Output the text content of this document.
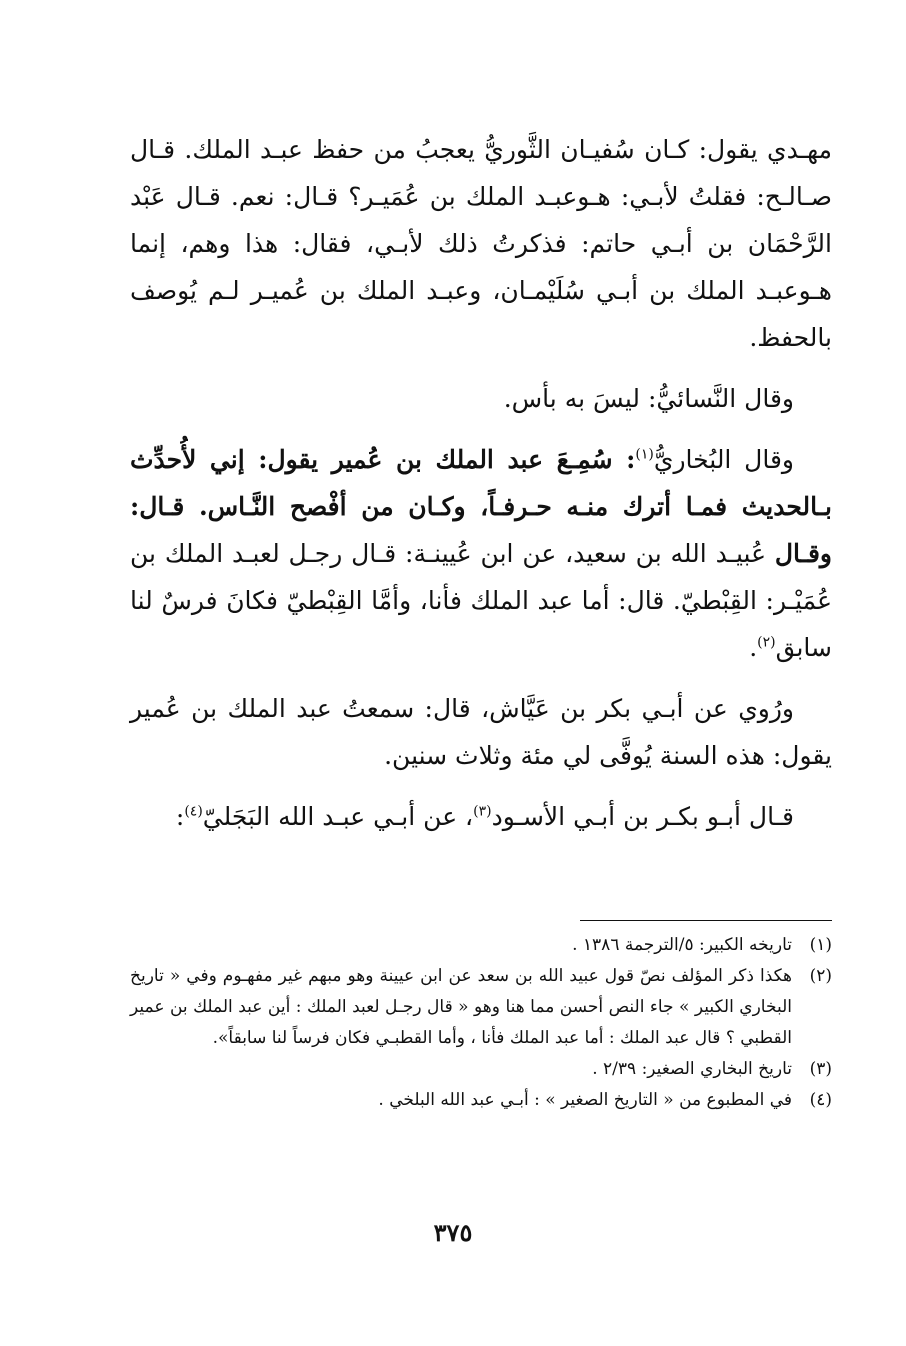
مهـدي يقول: كـان سُفيـان الثَّوريُّ يعجبُ من حفظ عبـد الملك. قـال صـالـح: فقلتُ لأبـي: هـوعبـد الملك بن عُمَيـر؟ قـال: نعم. قـال عَبْد الرَّحْمَان بن أبـي حاتم: فذكرتُ ذلك لأبـي، فقال: هذا وهم، إنما هـوعبـد الملك بن أبـي سُلَيْمـان، وعبـد الملك بن عُميـر لـم يُوصف بالحفظ.

وقال النَّسائيُّ: ليسَ به بأس.

وقال البُخاريُّ$^{(١)}$: سُمِـعَ عبد الملك بن عُمير يقول: إني لأُحدِّث بـالحديث فمـا أترك منـه حـرفـاً، وكـان من أفْصح النَّـاس. قـال: وقـال عُبيـد الله بن سعيد، عن ابن عُيينـة: قـال رجـل لعبـد الملك بن عُمَيْـر: القِبْطيّ. قال: أما عبد الملك فأنا، وأمَّا القِبْطيّ فكانَ فرسٌ لنا سابق$^{(٢)}$.

ورُوي عن أبـي بكر بن عَيَّاش، قال: سمعتُ عبد الملك بن عُمير يقول: هذه السنة يُوفَّى لي مئة وثلاث سنين.

قـال أبـو بكـر بن أبـي الأسـود$^{(٣)}$، عن أبـي عبـد الله البَجَليّ$^{(٤)}$:

(١)
تاريخه الكبير: ٥/الترجمة ١٣٨٦ .
(٢)
هكذا ذكر المؤلف نصّ قول عبيد الله بن سعد عن ابن عيينة وهو مبهم غير مفهـوم وفي « تاريخ البخاري الكبير » جاء النص أحسن مما هنا وهو « قال رجـل لعبد الملك : أين عبد الملك بن عمير القطبي ؟ قال عبد الملك : أما عبد الملك فأنا ، وأما القطبـي فكان فرساً لنا سابقاً».
(٣)
تاريخ البخاري الصغير: ٢/٣٩ .
(٤)
في المطبوع من « التاريخ الصغير » : أبـي عبد الله البلخي .
٣٧٥
